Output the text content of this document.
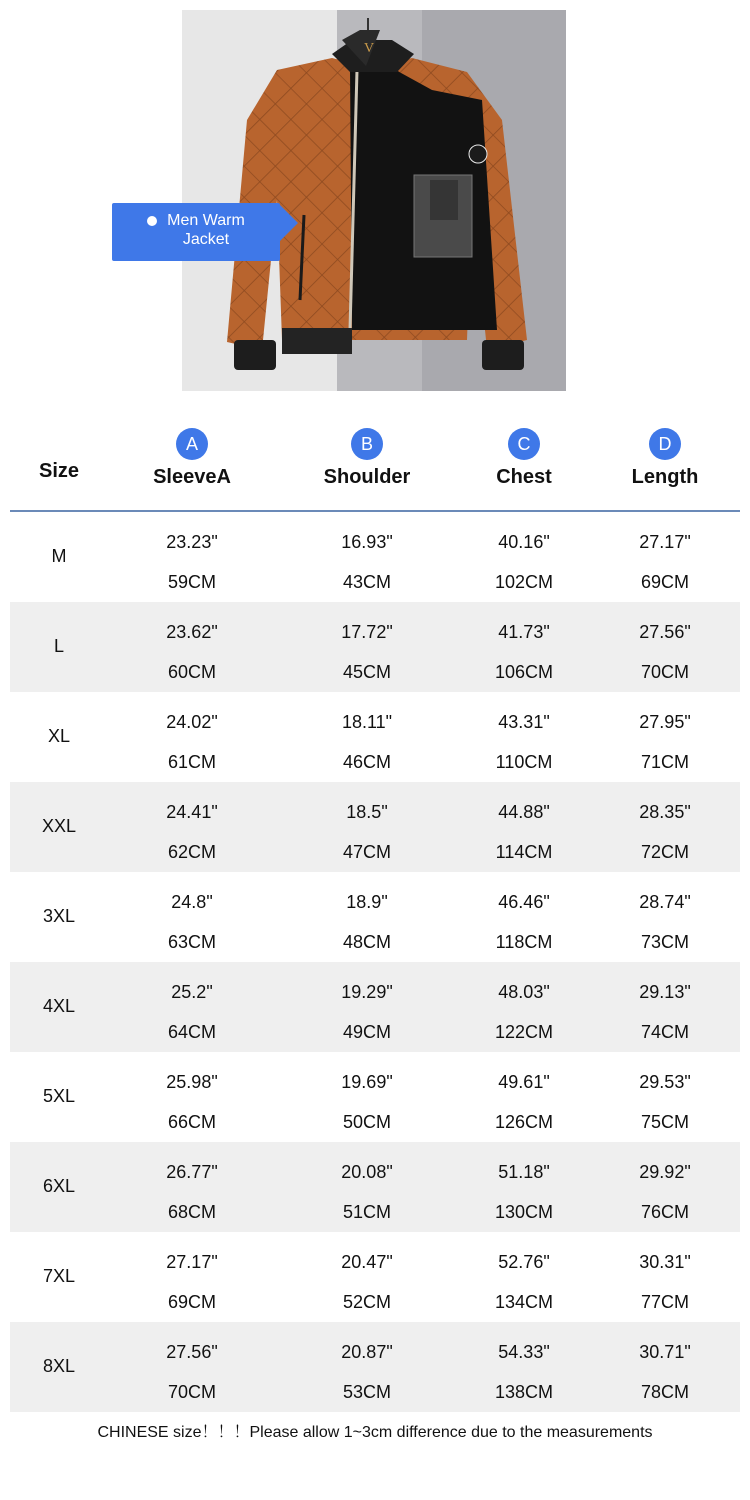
V
Men Warm Jacket
Size
A
SleeveA
B
Shoulder
C
Chest
D
Length
M
23.23"
59CM
16.93"
43CM
40.16"
102CM
27.17"
69CM
L
23.62"
60CM
17.72"
45CM
41.73"
106CM
27.56"
70CM
XL
24.02"
61CM
18.11"
46CM
43.31"
110CM
27.95"
71CM
XXL
24.41"
62CM
18.5"
47CM
44.88"
114CM
28.35"
72CM
3XL
24.8"
63CM
18.9"
48CM
46.46"
118CM
28.74"
73CM
4XL
25.2"
64CM
19.29"
49CM
48.03"
122CM
29.13"
74CM
5XL
25.98"
66CM
19.69"
50CM
49.61"
126CM
29.53"
75CM
6XL
26.77"
68CM
20.08"
51CM
51.18"
130CM
29.92"
76CM
7XL
27.17"
69CM
20.47"
52CM
52.76"
134CM
30.31"
77CM
8XL
27.56"
70CM
20.87"
53CM
54.33"
138CM
30.71"
78CM
CHINESE size！！！Please allow 1~3cm difference due to the measurements
